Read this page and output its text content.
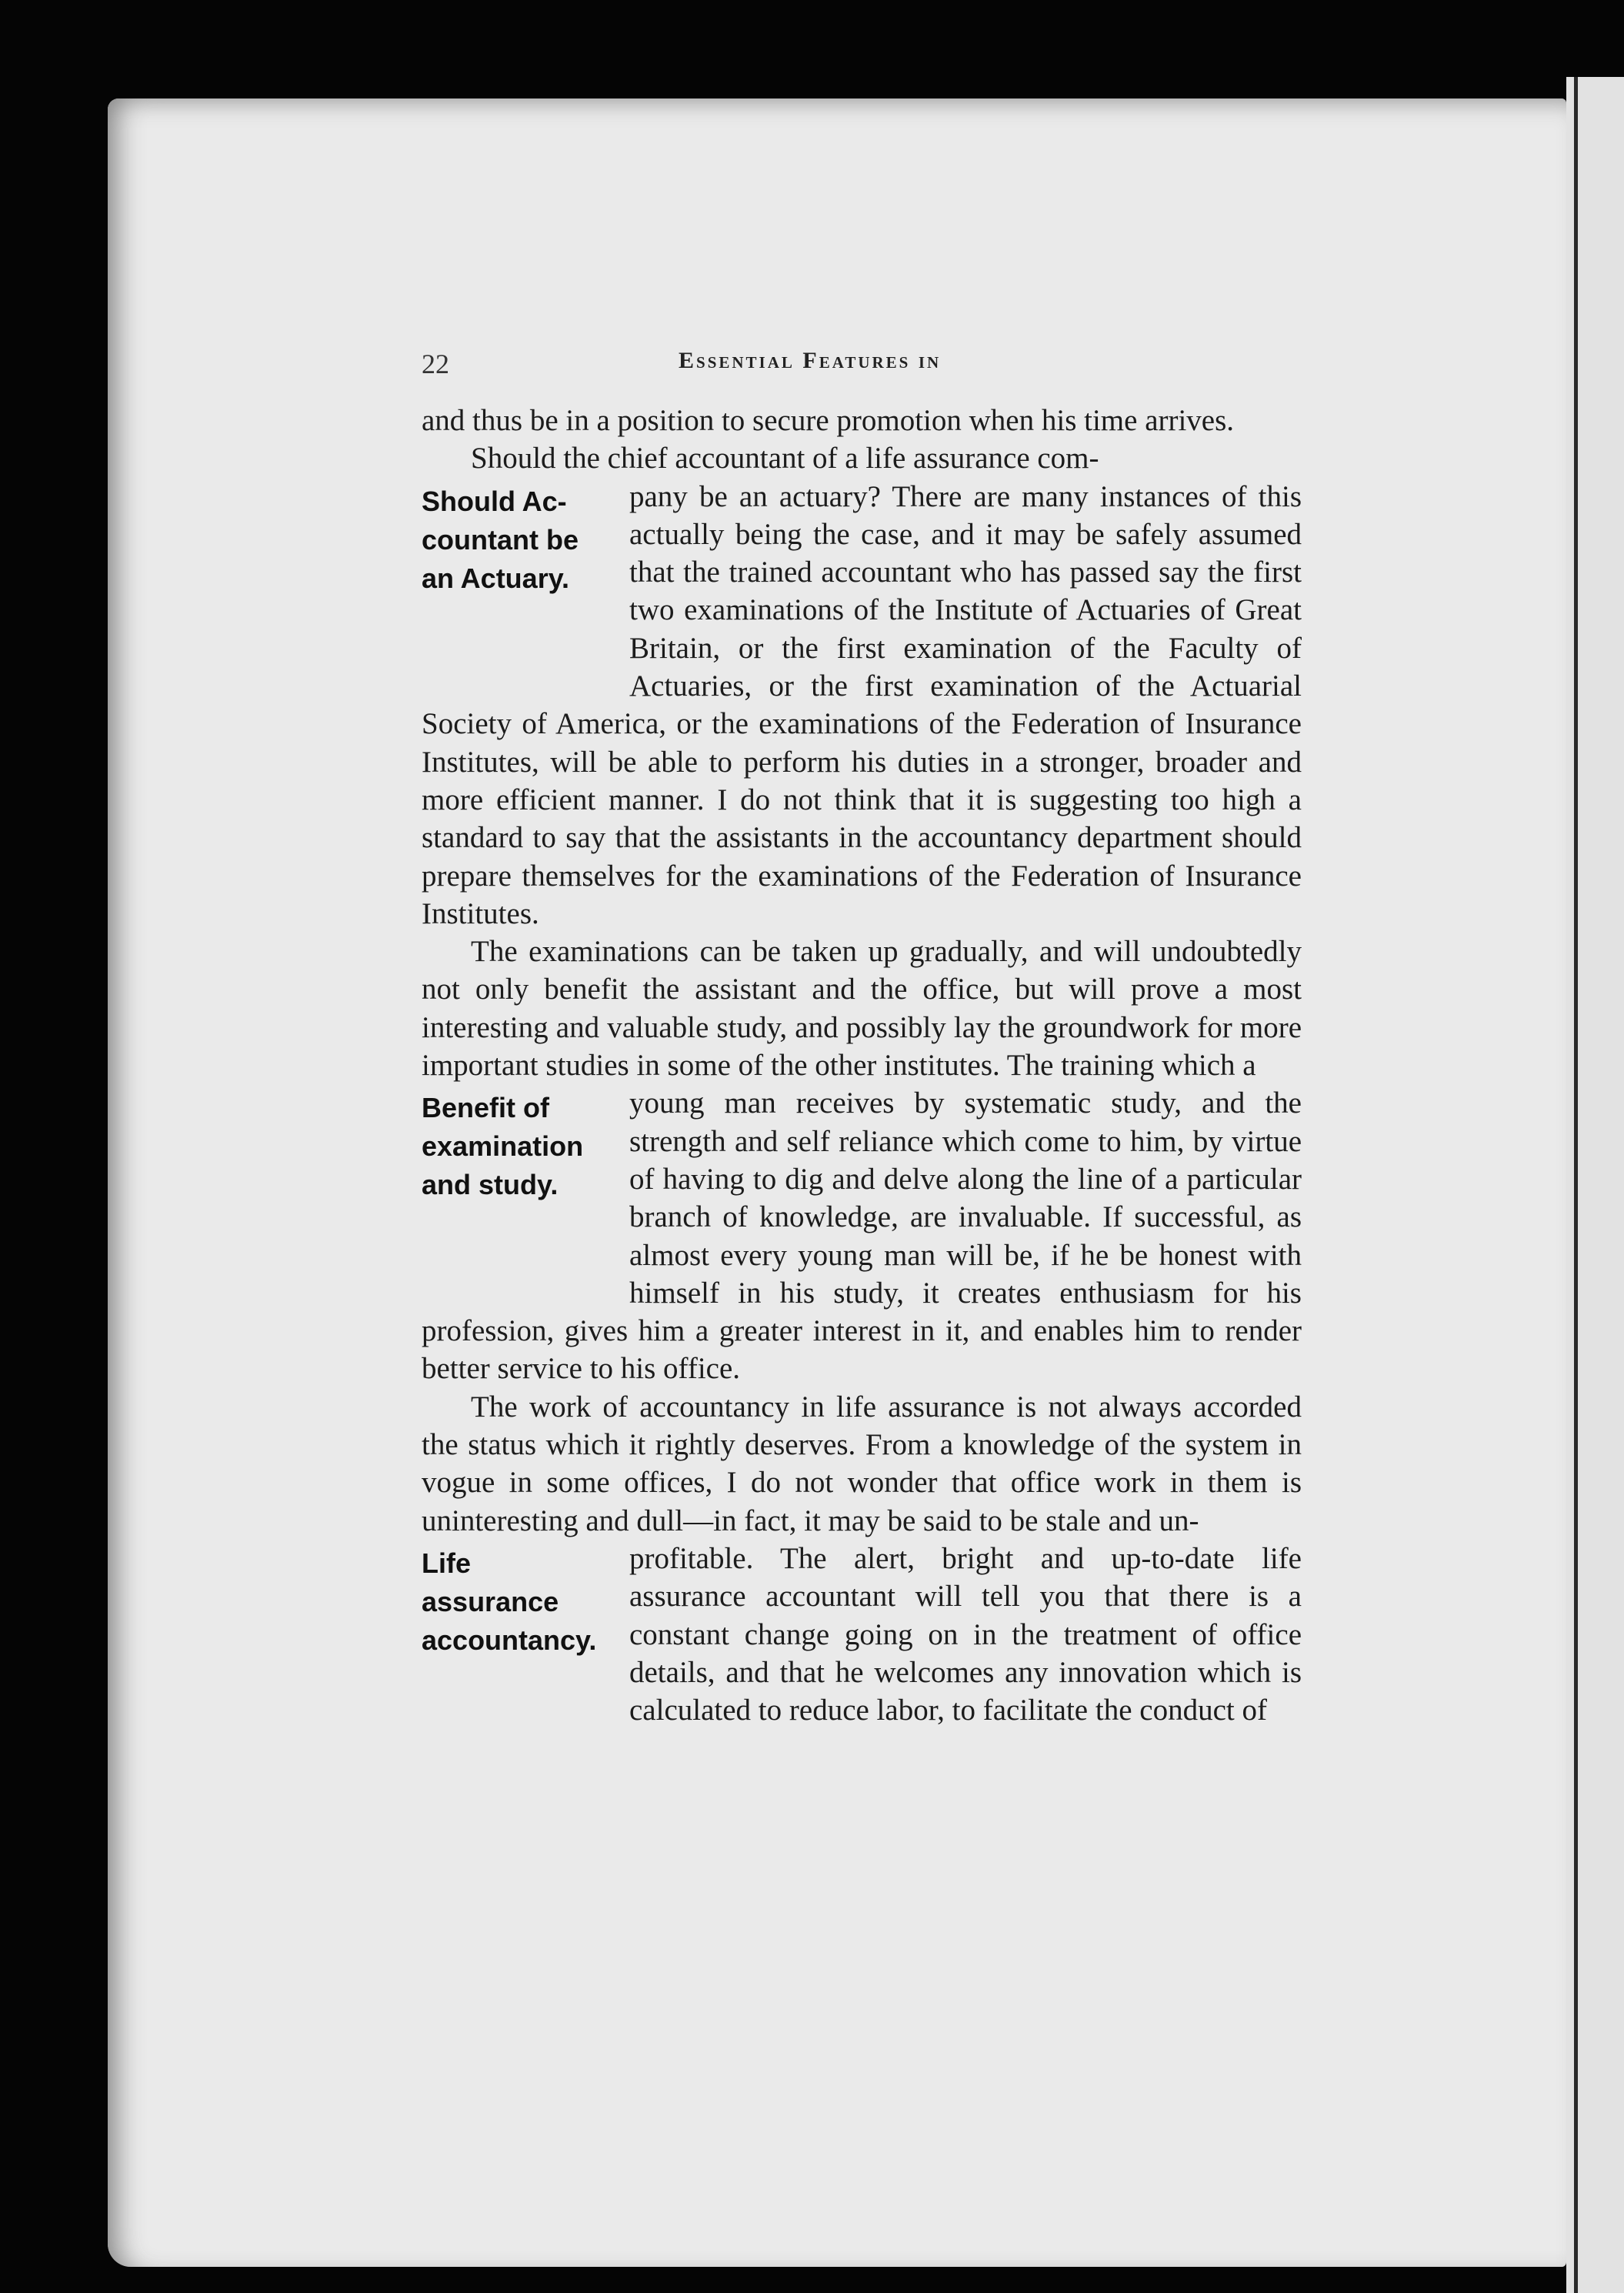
22	Essential Features in

and thus be in a position to secure promotion when his time arrives.

Should the chief accountant of a life assurance com-

Should Ac-
countant be
an Actuary.

pany be an actuary? There are many instances of this actually being the case, and it may be safely assumed that the trained accountant who has passed say the first two examinations of the Institute of Actuaries of Great Britain, or the first examination of the Faculty of Actuaries, or the first examination of the Actuarial Society of America, or the examinations of the Federation of Insurance Institutes, will be able to perform his duties in a stronger, broader and more efficient manner. I do not think that it is suggesting too high a standard to say that the assistants in the accountancy department should prepare themselves for the examinations of the Federation of Insurance Institutes.

The examinations can be taken up gradually, and will undoubtedly not only benefit the assistant and the office, but will prove a most interesting and valuable study, and possibly lay the groundwork for more important studies in some of the other institutes. The training which a

Benefit of
examination
and study.

young man receives by systematic study, and the strength and self reliance which come to him, by virtue of having to dig and delve along the line of a particular branch of knowledge, are invaluable. If successful, as almost every young man will be, if he be honest with himself in his study, it creates enthusiasm for his profession, gives him a greater interest in it, and enables him to render better service to his office.

The work of accountancy in life assurance is not always accorded the status which it rightly deserves. From a knowledge of the system in vogue in some offices, I do not wonder that office work in them is uninteresting and dull—in fact, it may be said to be stale and un-

Life
assurance
accountancy.

profitable. The alert, bright and up-to-date life assurance accountant will tell you that there is a constant change going on in the treatment of office details, and that he welcomes any innovation which is calculated to reduce labor, to facilitate the conduct of
